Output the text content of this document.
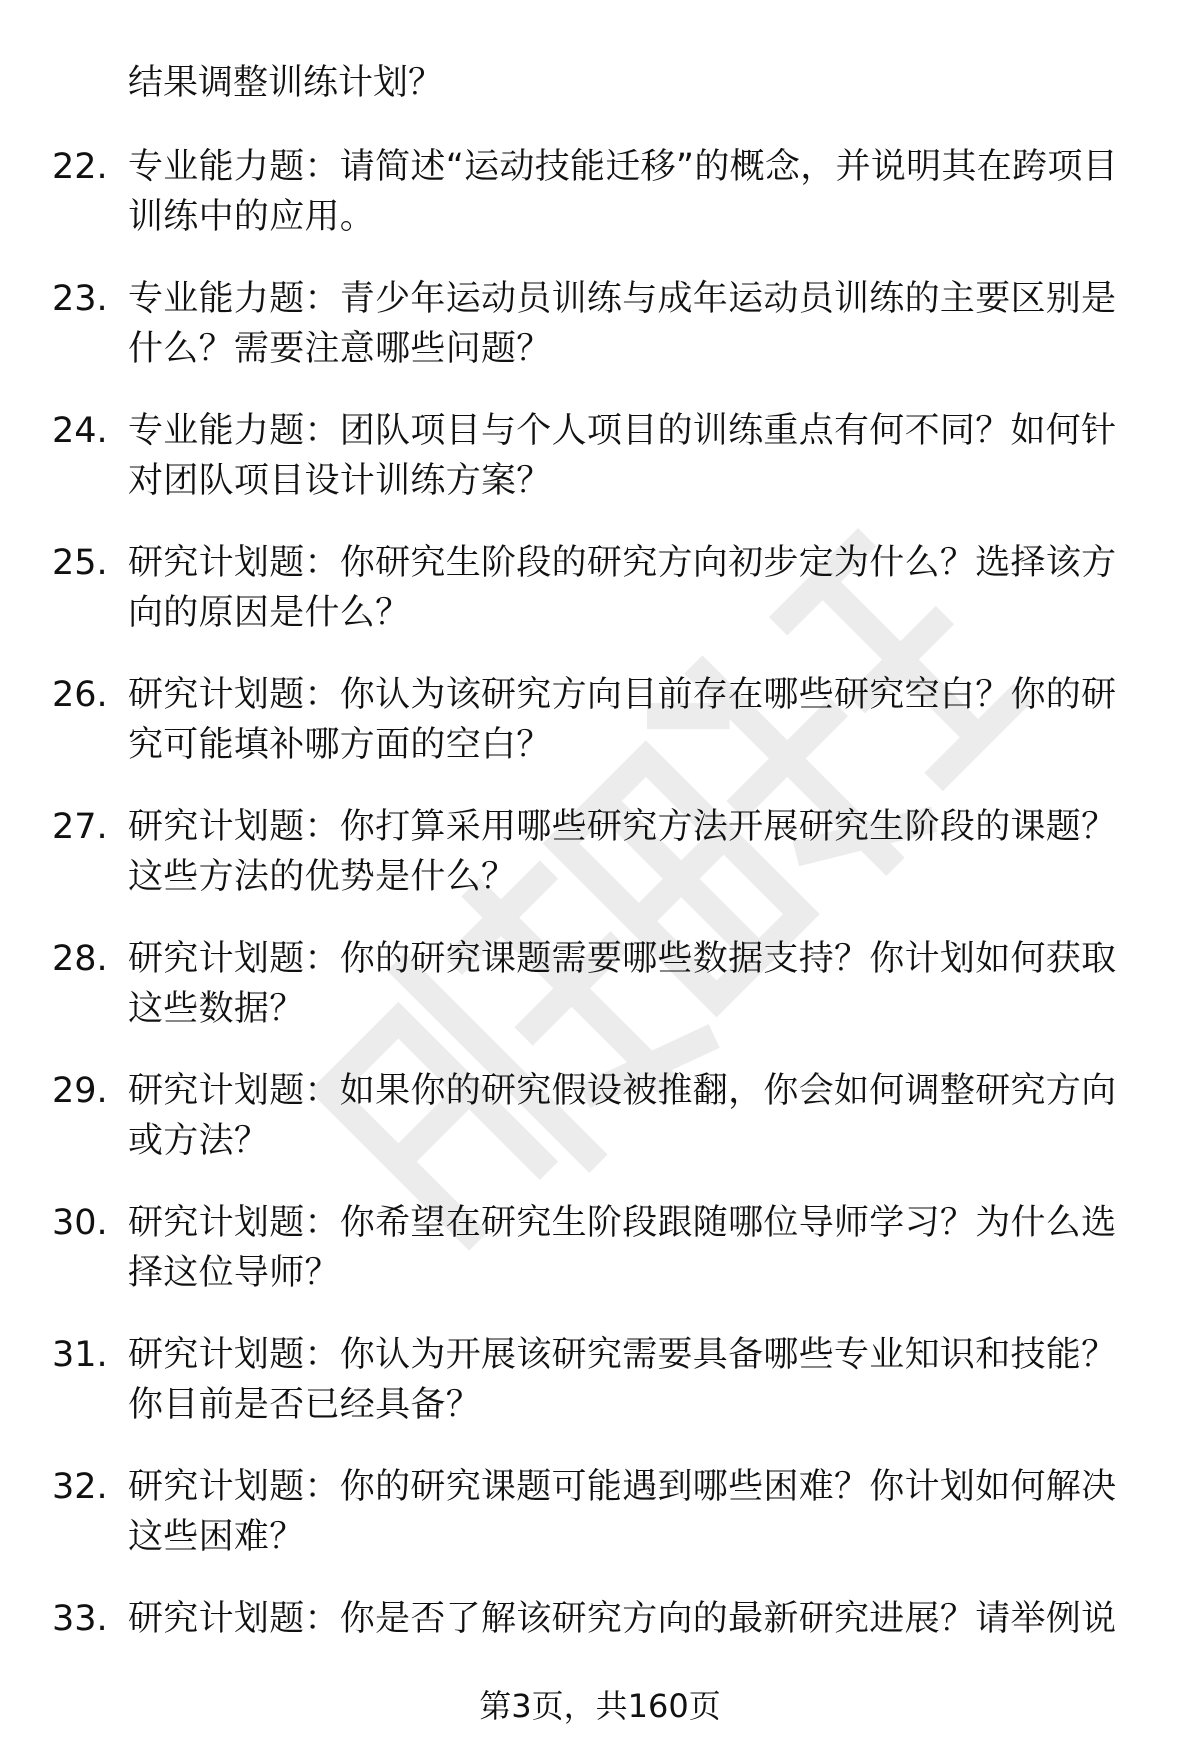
结果调整训练计划？
22. 专业能力题：请简述“运动技能迁移”的概念，并说明其在跨项目训练中的应用。
23. 专业能力题：青少年运动员训练与成年运动员训练的主要区别是什么？需要注意哪些问题？
24. 专业能力题：团队项目与个人项目的训练重点有何不同？如何针对团队项目设计训练方案？
25. 研究计划题：你研究生阶段的研究方向初步定为什么？选择该方向的原因是什么？
26. 研究计划题：你认为该研究方向目前存在哪些研究空白？你的研究可能填补哪方面的空白？
27. 研究计划题：你打算采用哪些研究方法开展研究生阶段的课题？这些方法的优势是什么？
28. 研究计划题：你的研究课题需要哪些数据支持？你计划如何获取这些数据？
29. 研究计划题：如果你的研究假设被推翻，你会如何调整研究方向或方法？
30. 研究计划题：你希望在研究生阶段跟随哪位导师学习？为什么选择这位导师？
31. 研究计划题：你认为开展该研究需要具备哪些专业知识和技能？你目前是否已经具备？
32. 研究计划题：你的研究课题可能遇到哪些困难？你计划如何解决这些困难？
33. 研究计划题：你是否了解该研究方向的最新研究进展？请举例说
第3页，共160页
